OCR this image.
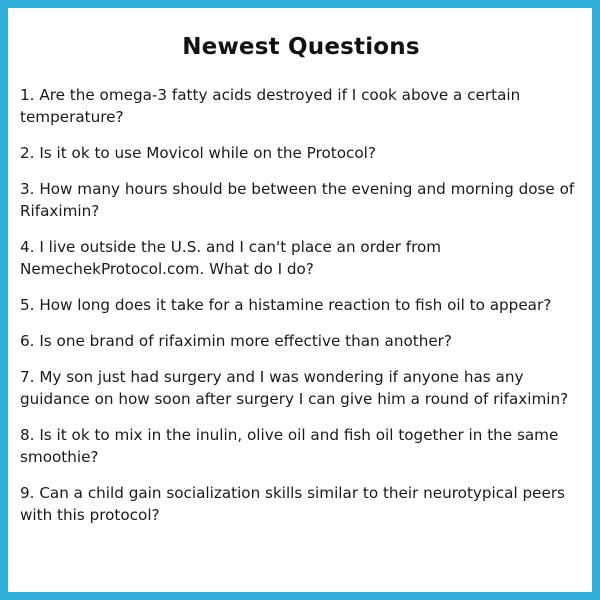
Newest Questions
1. Are the omega-3 fatty acids destroyed if I cook above a certain temperature?
2. Is it ok to use Movicol while on the Protocol?
3. How many hours should be between the evening and morning dose of Rifaximin?
4. I live outside the U.S. and I can't place an order from NemechekProtocol.com. What do I do?
5. How long does it take for a histamine reaction to fish oil to appear?
6. Is one brand of rifaximin more effective than another?
7. My son just had surgery and I was wondering if anyone has any guidance on how soon after surgery I can give him a round of rifaximin?
8. Is it ok to mix in the inulin, olive oil and fish oil together in the same smoothie?
9. Can a child gain socialization skills similar to their neurotypical peers with this protocol?
